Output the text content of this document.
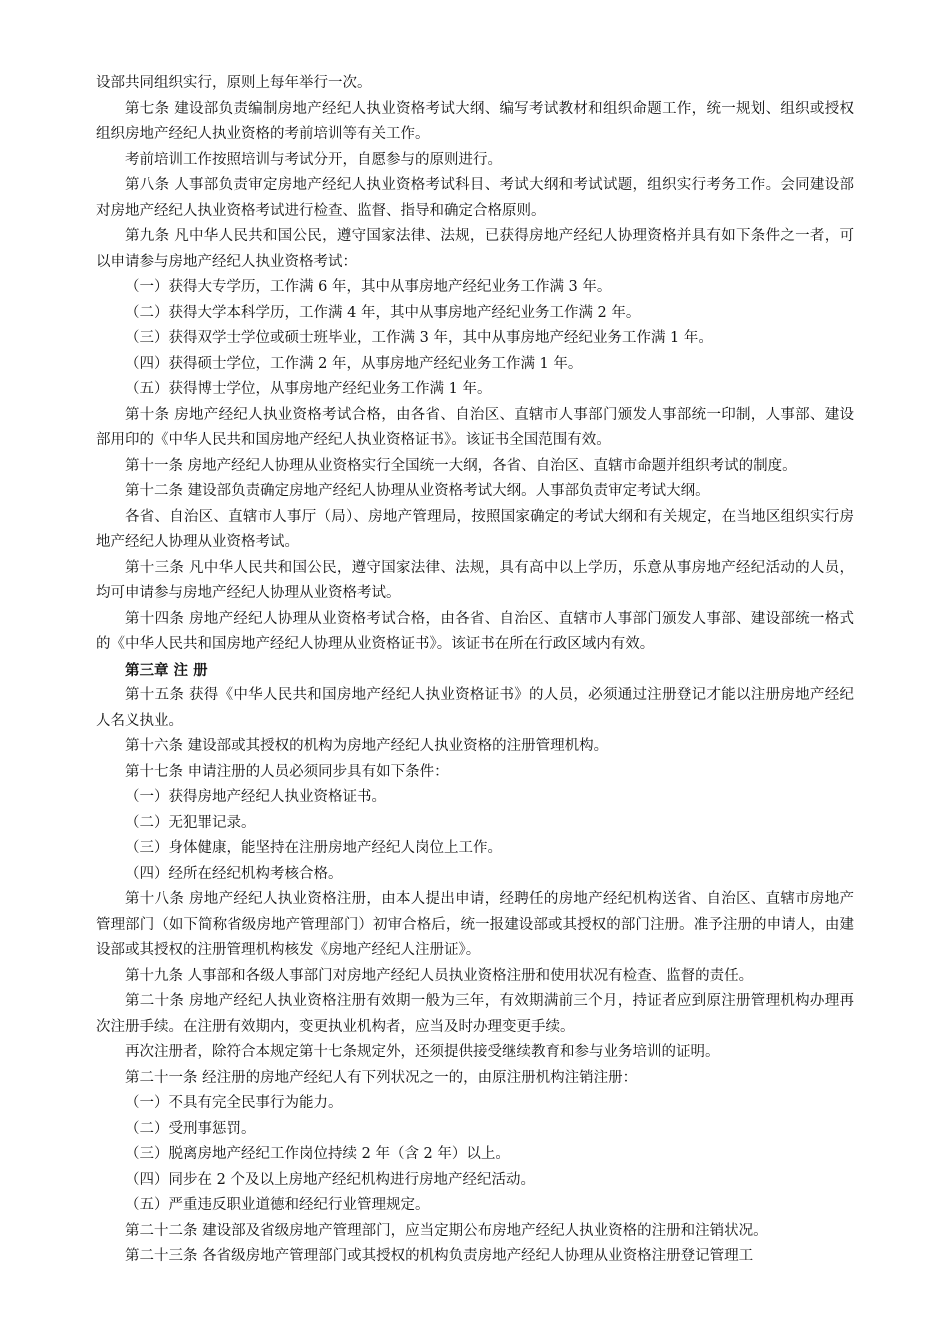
设部共同组织实行，原则上每年举行一次。

第七条 建设部负责编制房地产经纪人执业资格考试大纲、编写考试教材和组织命题工作，统一规划、组织或授权组织房地产经纪人执业资格的考前培训等有关工作。

考前培训工作按照培训与考试分开，自愿参与的原则进行。

第八条 人事部负责审定房地产经纪人执业资格考试科目、考试大纲和考试试题，组织实行考务工作。会同建设部对房地产经纪人执业资格考试进行检查、监督、指导和确定合格原则。

第九条 凡中华人民共和国公民，遵守国家法律、法规，已获得房地产经纪人协理资格并具有如下条件之一者，可以申请参与房地产经纪人执业资格考试：

（一）获得大专学历，工作满 6 年，其中从事房地产经纪业务工作满 3 年。

（二）获得大学本科学历，工作满 4 年，其中从事房地产经纪业务工作满 2 年。

（三）获得双学士学位或硕士班毕业，工作满 3 年，其中从事房地产经纪业务工作满 1 年。

（四）获得硕士学位，工作满 2 年，从事房地产经纪业务工作满 1 年。

（五）获得博士学位，从事房地产经纪业务工作满 1 年。

第十条 房地产经纪人执业资格考试合格，由各省、自治区、直辖市人事部门颁发人事部统一印制，人事部、建设部用印的《中华人民共和国房地产经纪人执业资格证书》。该证书全国范围有效。

第十一条 房地产经纪人协理从业资格实行全国统一大纲，各省、自治区、直辖市命题并组织考试的制度。

第十二条 建设部负责确定房地产经纪人协理从业资格考试大纲。人事部负责审定考试大纲。

各省、自治区、直辖市人事厅（局）、房地产管理局，按照国家确定的考试大纲和有关规定，在当地区组织实行房地产经纪人协理从业资格考试。

第十三条 凡中华人民共和国公民，遵守国家法律、法规，具有高中以上学历，乐意从事房地产经纪活动的人员，均可申请参与房地产经纪人协理从业资格考试。

第十四条 房地产经纪人协理从业资格考试合格，由各省、自治区、直辖市人事部门颁发人事部、建设部统一格式的《中华人民共和国房地产经纪人协理从业资格证书》。该证书在所在行政区域内有效。

第三章 注 册

第十五条 获得《中华人民共和国房地产经纪人执业资格证书》的人员，必须通过注册登记才能以注册房地产经纪人名义执业。

第十六条 建设部或其授权的机构为房地产经纪人执业资格的注册管理机构。

第十七条 申请注册的人员必须同步具有如下条件：

（一）获得房地产经纪人执业资格证书。

（二）无犯罪记录。

（三）身体健康，能坚持在注册房地产经纪人岗位上工作。

（四）经所在经纪机构考核合格。

第十八条 房地产经纪人执业资格注册，由本人提出申请，经聘任的房地产经纪机构送省、自治区、直辖市房地产管理部门（如下简称省级房地产管理部门）初审合格后，统一报建设部或其授权的部门注册。准予注册的申请人，由建设部或其授权的注册管理机构核发《房地产经纪人注册证》。

第十九条 人事部和各级人事部门对房地产经纪人员执业资格注册和使用状况有检查、监督的责任。

第二十条 房地产经纪人执业资格注册有效期一般为三年，有效期满前三个月，持证者应到原注册管理机构办理再次注册手续。在注册有效期内，变更执业机构者，应当及时办理变更手续。

再次注册者，除符合本规定第十七条规定外，还须提供接受继续教育和参与业务培训的证明。

第二十一条 经注册的房地产经纪人有下列状况之一的，由原注册机构注销注册：

（一）不具有完全民事行为能力。

（二）受刑事惩罚。

（三）脱离房地产经纪工作岗位持续 2 年（含 2 年）以上。

（四）同步在 2 个及以上房地产经纪机构进行房地产经纪活动。

（五）严重违反职业道德和经纪行业管理规定。

第二十二条 建设部及省级房地产管理部门，应当定期公布房地产经纪人执业资格的注册和注销状况。

第二十三条 各省级房地产管理部门或其授权的机构负责房地产经纪人协理从业资格注册登记管理工
